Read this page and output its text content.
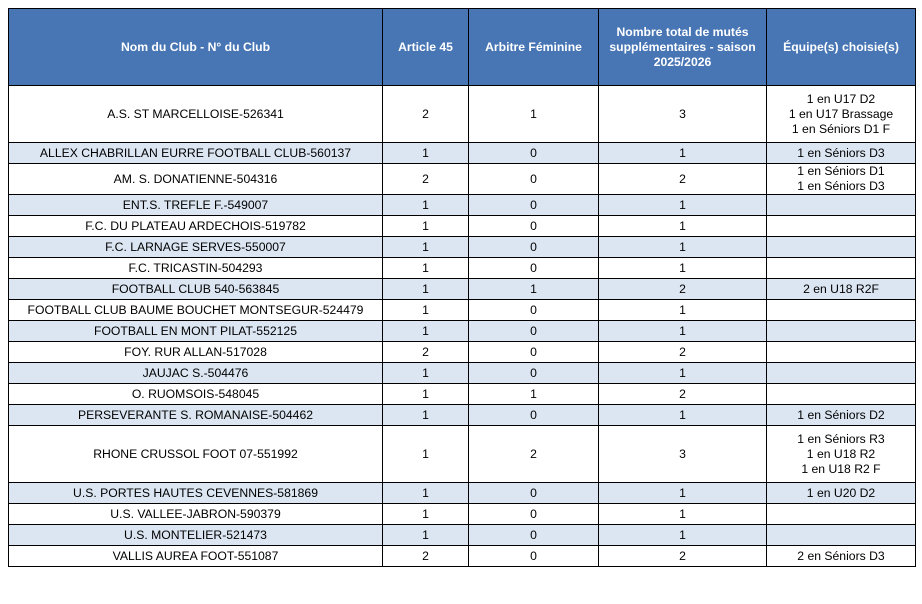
Nom du Club - N° du Club	Article 45	Arbitre Féminine	Nombre total de mutés supplémentaires - saison 2025/2026	Équipe(s) choisie(s)
A.S. ST MARCELLOISE-526341	2	1	3	1 en U17 D2
1 en U17 Brassage
1 en Séniors D1 F

ALLEX CHABRILLAN EURRE FOOTBALL CLUB-560137	1	0	1	1 en Séniors D3

AM. S. DONATIENNE-504316	2	0	2	1 en Séniors D1
1 en Séniors D3

ENT.S. TREFLE F.-549007	1	0	1	
F.C. DU PLATEAU ARDECHOIS-519782	1	0	1	
F.C. LARNAGE SERVES-550007	1	0	1	
F.C. TRICASTIN-504293	1	0	1	
FOOTBALL CLUB 540-563845	1	1	2	2 en U18 R2F

FOOTBALL CLUB BAUME BOUCHET MONTSEGUR-524479	1	0	1	
FOOTBALL EN MONT PILAT-552125	1	0	1	
FOY. RUR ALLAN-517028	2	0	2	
JAUJAC S.-504476	1	0	1	
O. RUOMSOIS-548045	1	1	2	
PERSEVERANTE S. ROMANAISE-504462	1	0	1	1 en Séniors D2

RHONE CRUSSOL FOOT 07-551992	1	2	3	1 en Séniors R3
1 en U18 R2
1 en U18 R2 F

U.S. PORTES HAUTES CEVENNES-581869	1	0	1	1 en U20 D2

U.S. VALLEE-JABRON-590379	1	0	1	
U.S. MONTELIER-521473	1	0	1	
VALLIS AUREA FOOT-551087	2	0	2	2 en Séniors D3
